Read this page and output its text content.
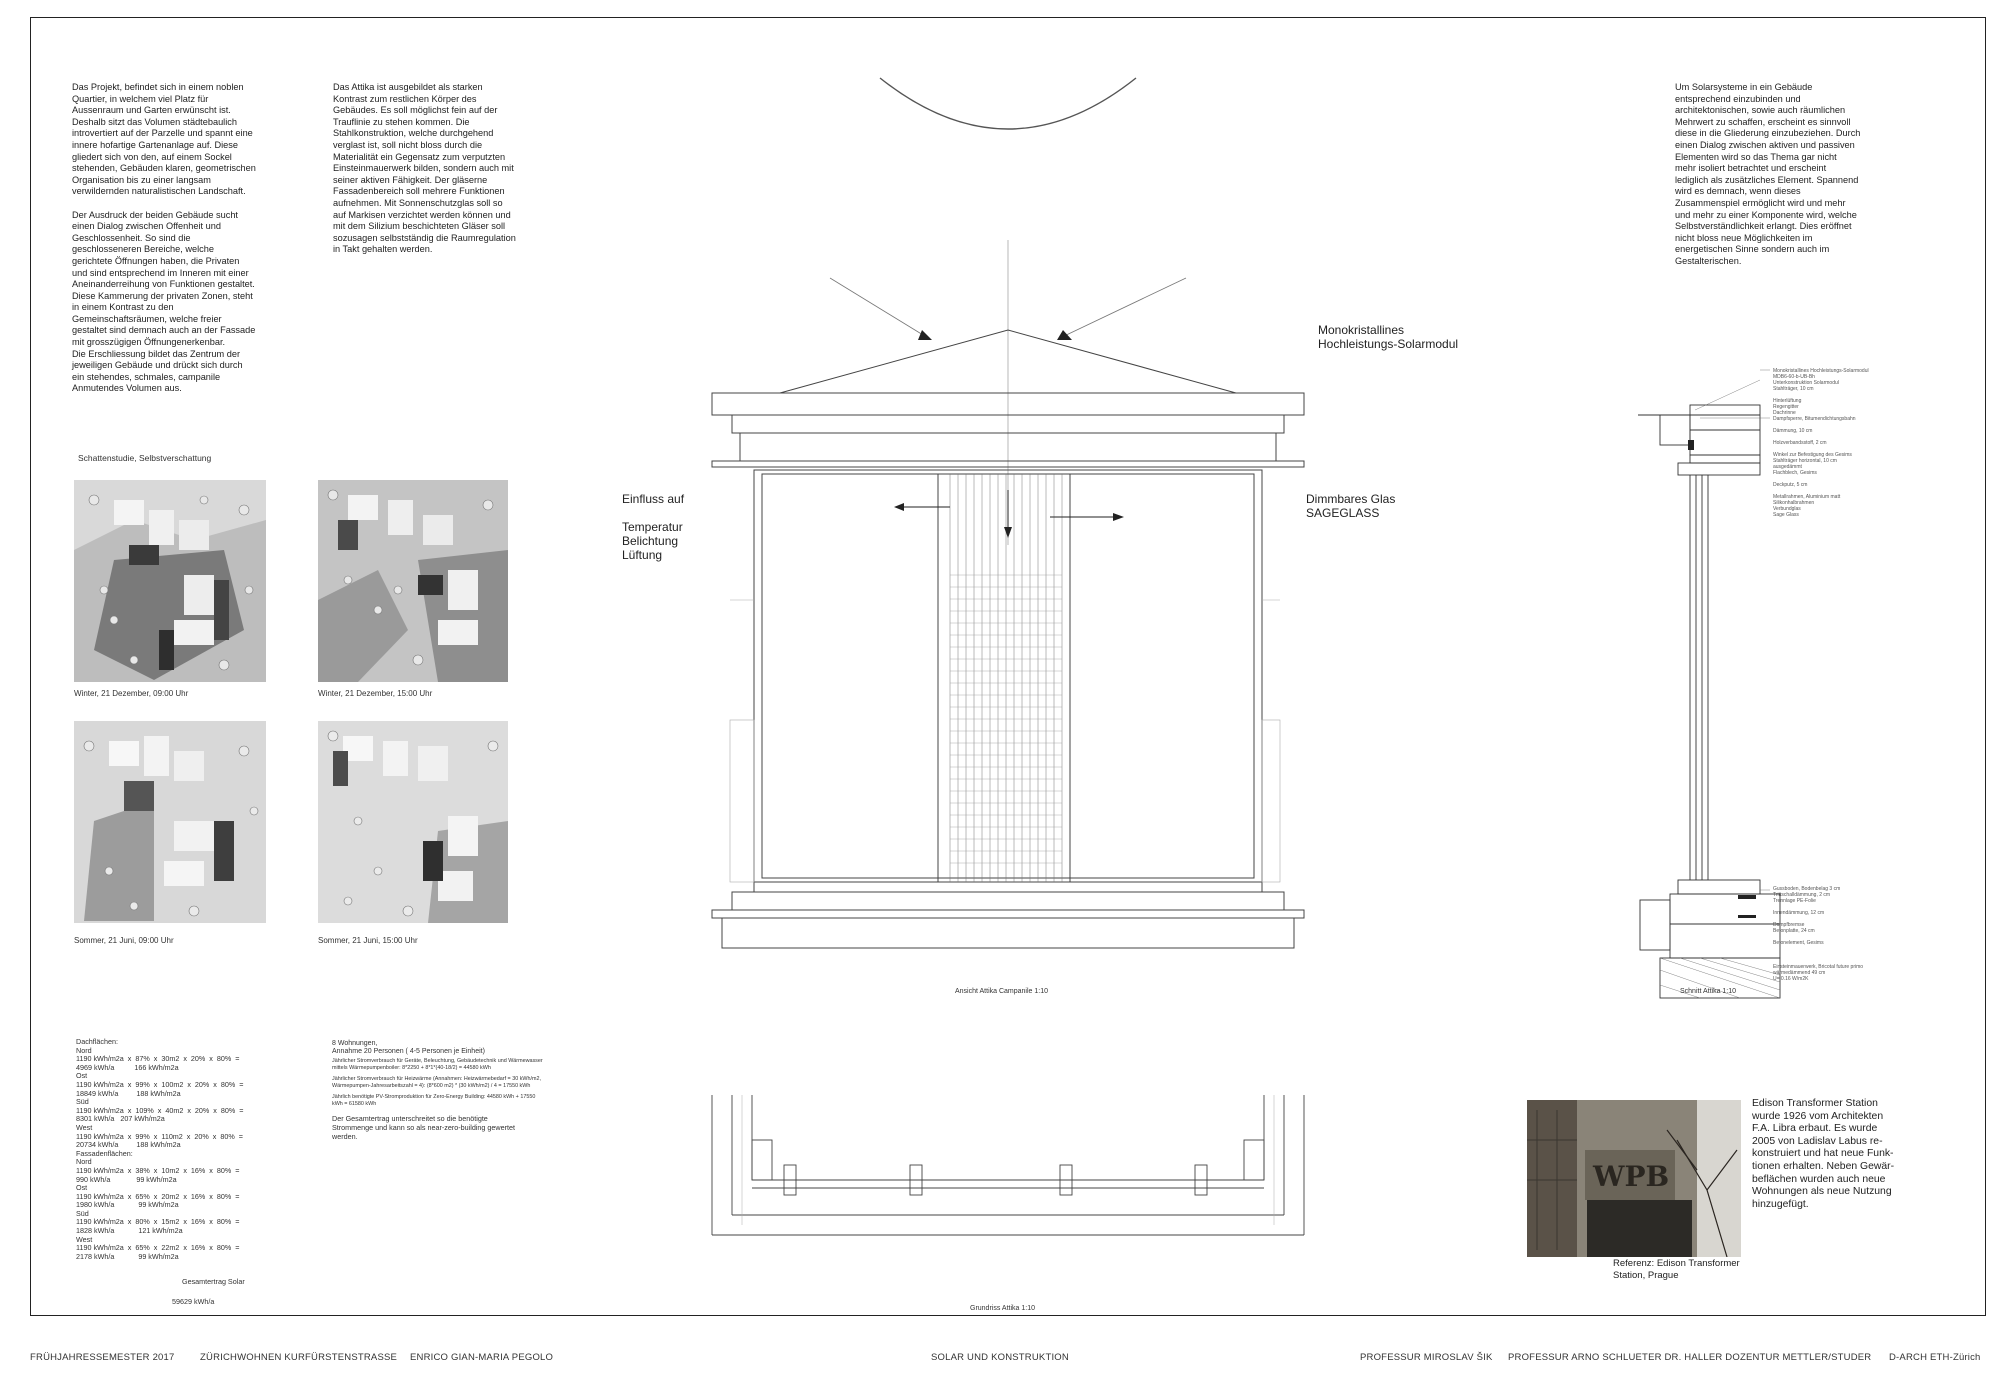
Das Projekt, befindet sich in einem noblen
Quartier, in welchem viel Platz für
Aussenraum und Garten erwünscht ist.
Deshalb sitzt das Volumen städtebaulich
introvertiert auf der Parzelle und spannt eine
innere hofartige Gartenanlage auf. Diese
gliedert sich von den, auf einem Sockel
stehenden, Gebäuden klaren, geometrischen
Organisation bis zu einer langsam
verwildernden naturalistischen Landschaft.

Der Ausdruck der beiden Gebäude sucht
einen Dialog zwischen Offenheit und
Geschlossenheit. So sind die
geschlosseneren Bereiche, welche
gerichtete Öffnungen haben, die Privaten
und sind entsprechend im Inneren mit einer
Aneinanderreihung von Funktionen gestaltet.
Diese Kammerung der privaten Zonen, steht
in einem Kontrast zu den
Gemeinschaftsräumen, welche freier
gestaltet sind demnach auch an der Fassade
mit grosszügigen Öffnungenerkenbar.
Die Erschliessung bildet das Zentrum der
jeweiligen Gebäude und drückt sich durch
ein stehendes, schmales, campanile
Anmutendes Volumen aus.
Das Attika ist ausgebildet als starken
Kontrast zum restlichen Körper des
Gebäudes. Es soll möglichst fein auf der
Trauflinie zu stehen kommen. Die
Stahlkonstruktion, welche durchgehend
verglast ist, soll nicht bloss durch die
Materialität ein Gegensatz zum verputzten
Einsteinmauerwerk bilden, sondern auch mit
seiner aktiven Fähigkeit. Der gläserne
Fassadenbereich soll mehrere Funktionen
aufnehmen. Mit Sonnenschutzglas soll so
auf Markisen verzichtet werden können und
mit dem Silizium beschichteten Gläser soll
sozusagen selbstständig die Raumregulation
in Takt gehalten werden.
Um Solarsysteme in ein Gebäude
entsprechend einzubinden und
architektonischen, sowie auch räumlichen
Mehrwert zu schaffen, erscheint es sinnvoll
diese in die Gliederung einzubeziehen. Durch
einen Dialog zwischen aktiven und passiven
Elementen wird so das Thema gar nicht
mehr isoliert betrachtet und erscheint
lediglich als zusätzliches Element. Spannend
wird es demnach, wenn dieses
Zusammenspiel ermöglicht wird und mehr
und mehr zu einer Komponente wird, welche
Selbstverständlichkeit erlangt. Dies eröffnet
nicht bloss neue Möglichkeiten im
energetischen Sinne sondern auch im
Gestalterischen.
Schattenstudie, Selbstverschattung
Winter, 21 Dezember, 09:00 Uhr	Winter, 21 Dezember, 15:00 Uhr
Sommer, 21 Juni, 09:00 Uhr	Sommer, 21 Juni, 15:00 Uhr
Einfluss auf

Temperatur
Belichtung
Lüftung
Monokristallines
Hochleistungs-Solarmodul
Dimmbares Glas
SAGEGLASS
Ansicht Attika Campanile 1:10
Monokristallines Hochleistungs-Solarmodul
MDB6-60-b-UB-Bh
Unterkonstruktion Solarmodul
Stahlträger, 10 cm

Hinterlüftung
Regengitter
Dachrinne
Dampfsperre, Bitumendichtungsbahn

Dämmung, 10 cm

Holzverbandsstoff, 2 cm

Winkel zur Befestigung des Gesims
Stahlträger horizontal, 10 cm
ausgedämmt
Flachblech, Gesims

Deckputz, 5 cm

Metallrahmen, Aluminium matt
Silikonhalbrahmen
Verbundglas
Sage Glass
Gussboden, Bodenbelag 3 cm
Trittschalldämmung, 2 cm
Trennlage PE-Folie

Innendämmung, 12 cm

Dampfbremse
Betonplatte, 24 cm

Betonelement, Gesims

Einsteinmauerwerk, Bricotal future primo
wärmedämmend 49 cm
U= 0.16 W/m2K
Schnitt Attika 1:10
Grundriss Attika 1:10
Dachflächen:
Nord
1190 kWh/m2a  x  87%  x  30m2  x  20%  x  80%  =
4969 kWh/a          166 kWh/m2a
Ost
1190 kWh/m2a  x  99%  x  100m2  x  20%  x  80%  =
18849 kWh/a         188 kWh/m2a
Süd
1190 kWh/m2a  x  109%  x  40m2  x  20%  x  80%  =
8301 kWh/a   207 kWh/m2a
West
1190 kWh/m2a  x  99%  x  110m2  x  20%  x  80%  =
20734 kWh/a         188 kWh/m2a
Fassadenflächen:
Nord
1190 kWh/m2a  x  38%  x  10m2  x  16%  x  80%  =
990 kWh/a             99 kWh/m2a
Ost
1190 kWh/m2a  x  65%  x  20m2  x  16%  x  80%  =
1980 kWh/a            99 kWh/m2a
Süd
1190 kWh/m2a  x  80%  x  15m2  x  16%  x  80%  =
1828 kWh/a            121 kWh/m2a
West
1190 kWh/m2a  x  65%  x  22m2  x  16%  x  80%  =
2178 kWh/a            99 kWh/m2a
Gesamtertrag Solar
59629 kWh/a
8 Wohnungen,
Annahme 20 Personen ( 4-5 Personen je Einheit)
Jährlicher Stromverbrauch für Geräte, Beleuchtung, Gebäudetechnik und Wärmewasser
mittels Wärmepumpenboiler: 8*2250 + 8*1*(40-18/2) = 44580 kWh
Jährlicher Stromverbrauch für Heizwärme (Annahmen: Heizwärmebedarf = 30 kWh/m2,
Wärmepumpen-Jahresarbeitszahl = 4): (8*600 m2) * (30 kWh/m2) / 4 = 17550 kWh
Jährlich benötigte PV-Stromproduktion für Zero-Energy Building: 44580 kWh + 17550
kWh = 61580 kWh
Der Gesamtertrag unterschreitet so die benötigte
Strommenge und kann so als near-zero-building gewertet
werden.
WPB
Edison Transformer Station
wurde 1926 vom Architekten
F.A. Libra erbaut. Es wurde
2005 von Ladislav Labus re-
konstruiert und hat neue Funk-
tionen erhalten. Neben Gewär-
beflächen wurden auch neue
Wohnungen als neue Nutzung
hinzugefügt.
Referenz: Edison Transformer
Station, Prague
FRÜHJAHRESSEMESTER 2017	ZÜRICHWOHNEN KURFÜRSTENSTRASSE ENRICO GIAN-MARIA PEGOLO	SOLAR UND KONSTRUKTION	PROFESSUR MIROSLAV ŠIK PROFESSUR ARNO SCHLUETER DR. HALLER DOZENTUR METTLER/STUDER D-ARCH ETH-Zürich
